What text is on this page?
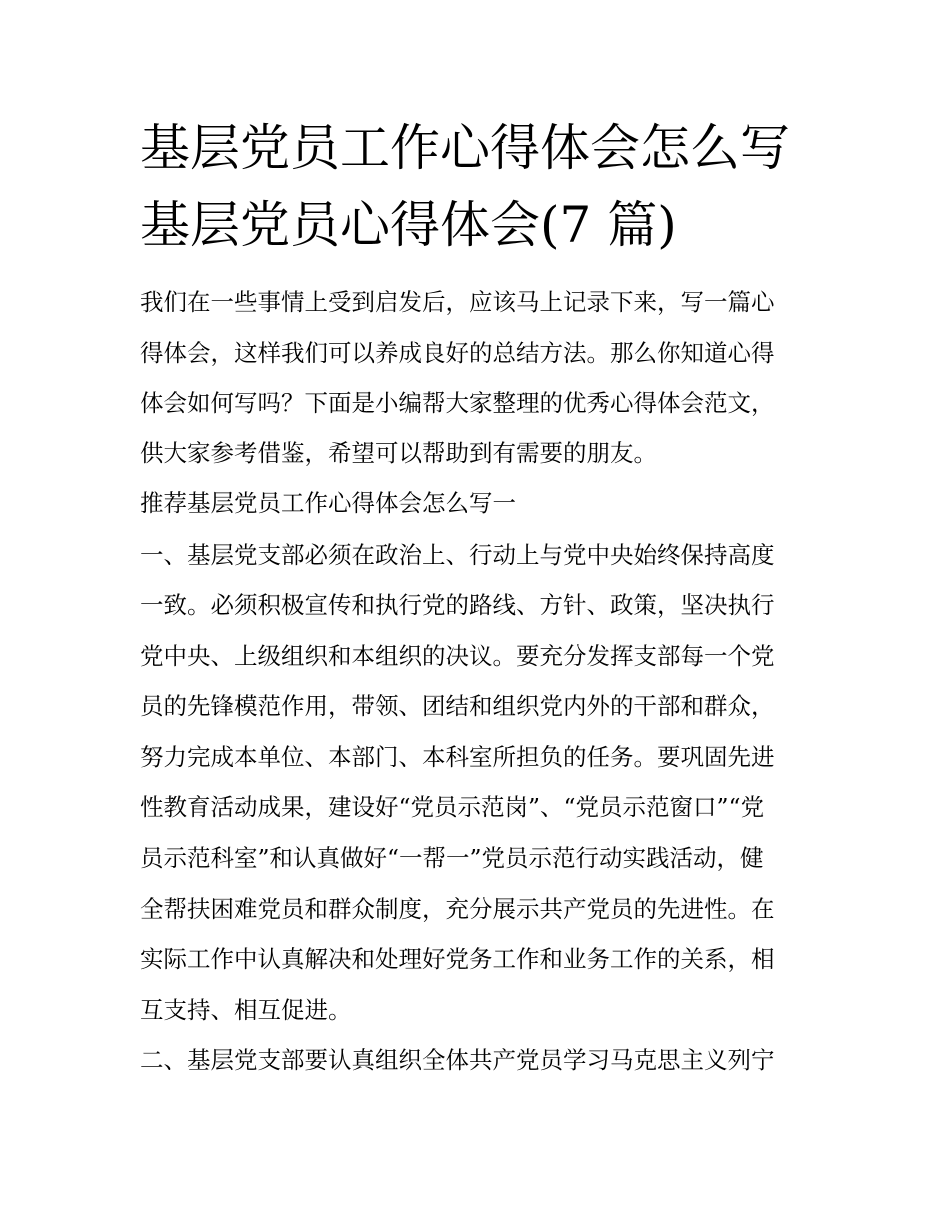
基层党员工作心得体会怎么写
基层党员心得体会(7 篇)

我们在一些事情上受到启发后，应该马上记录下来，写一篇心

得体会，这样我们可以养成良好的总结方法。那么你知道心得

体会如何写吗？下面是小编帮大家整理的优秀心得体会范文，

供大家参考借鉴，希望可以帮助到有需要的朋友。

推荐基层党员工作心得体会怎么写一

一、基层党支部必须在政治上、行动上与党中央始终保持高度

一致。必须积极宣传和执行党的路线、方针、政策，坚决执行

党中央、上级组织和本组织的决议。要充分发挥支部每一个党

员的先锋模范作用，带领、团结和组织党内外的干部和群众，

努力完成本单位、本部门、本科室所担负的任务。要巩固先进

性教育活动成果，建设好“党员示范岗”、“党员示范窗口”“党

员示范科室”和认真做好“一帮一”党员示范行动实践活动，健

全帮扶困难党员和群众制度，充分展示共产党员的先进性。在

实际工作中认真解决和处理好党务工作和业务工作的关系，相

互支持、相互促进。

二、基层党支部要认真组织全体共产党员学习马克思主义列宁
